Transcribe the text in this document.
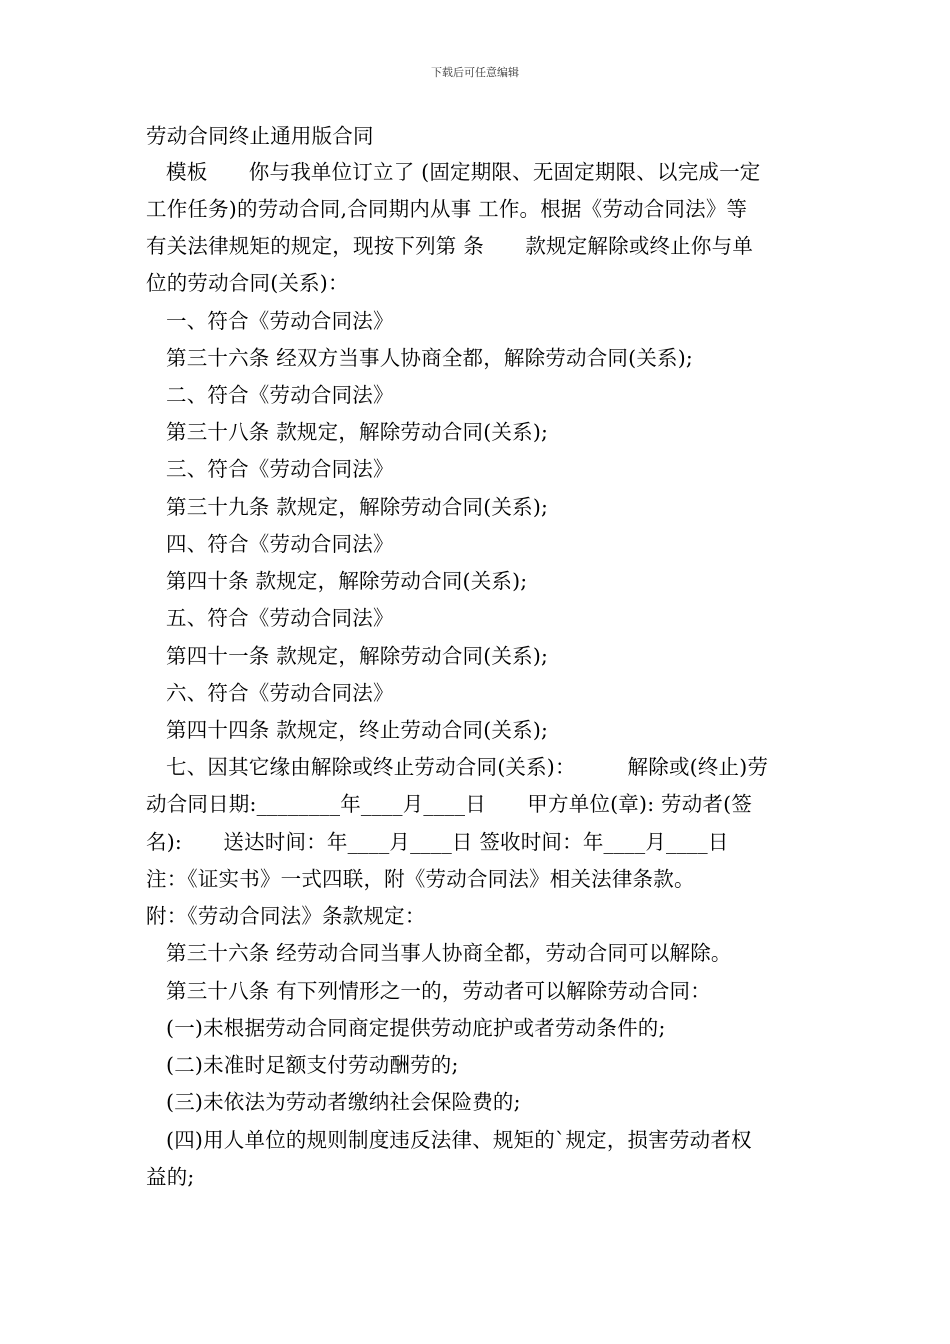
下载后可任意编辑
劳动合同终止通用版合同
模板　　你与我单位订立了 (固定期限、无固定期限、以完成一定
工作任务)的劳动合同,合同期内从事 工作。根据《劳动合同法》等
有关法律规矩的规定，现按下列第 条　　款规定解除或终止你与单
位的劳动合同(关系)：
一、符合《劳动合同法》
第三十六条 经双方当事人协商全都，解除劳动合同(关系);
二、符合《劳动合同法》
第三十八条 款规定，解除劳动合同(关系);
三、符合《劳动合同法》
第三十九条 款规定，解除劳动合同(关系);
四、符合《劳动合同法》
第四十条 款规定，解除劳动合同(关系);
五、符合《劳动合同法》
第四十一条 款规定，解除劳动合同(关系);
六、符合《劳动合同法》
第四十四条 款规定，终止劳动合同(关系);
七、因其它缘由解除或终止劳动合同(关系)：　　　解除或(终止)劳
动合同日期:________年____月____日　　甲方单位(章): 劳动者(签
名):　　送达时间：年____月____日 签收时间：年____月____日
注：《证实书》一式四联，附《劳动合同法》相关法律条款。
附：《劳动合同法》条款规定：
第三十六条 经劳动合同当事人协商全都，劳动合同可以解除。
第三十八条 有下列情形之一的，劳动者可以解除劳动合同：
(一)未根据劳动合同商定提供劳动庇护或者劳动条件的;
(二)未准时足额支付劳动酬劳的;
(三)未依法为劳动者缴纳社会保险费的;
(四)用人单位的规则制度违反法律、规矩的`规定，损害劳动者权
益的;
